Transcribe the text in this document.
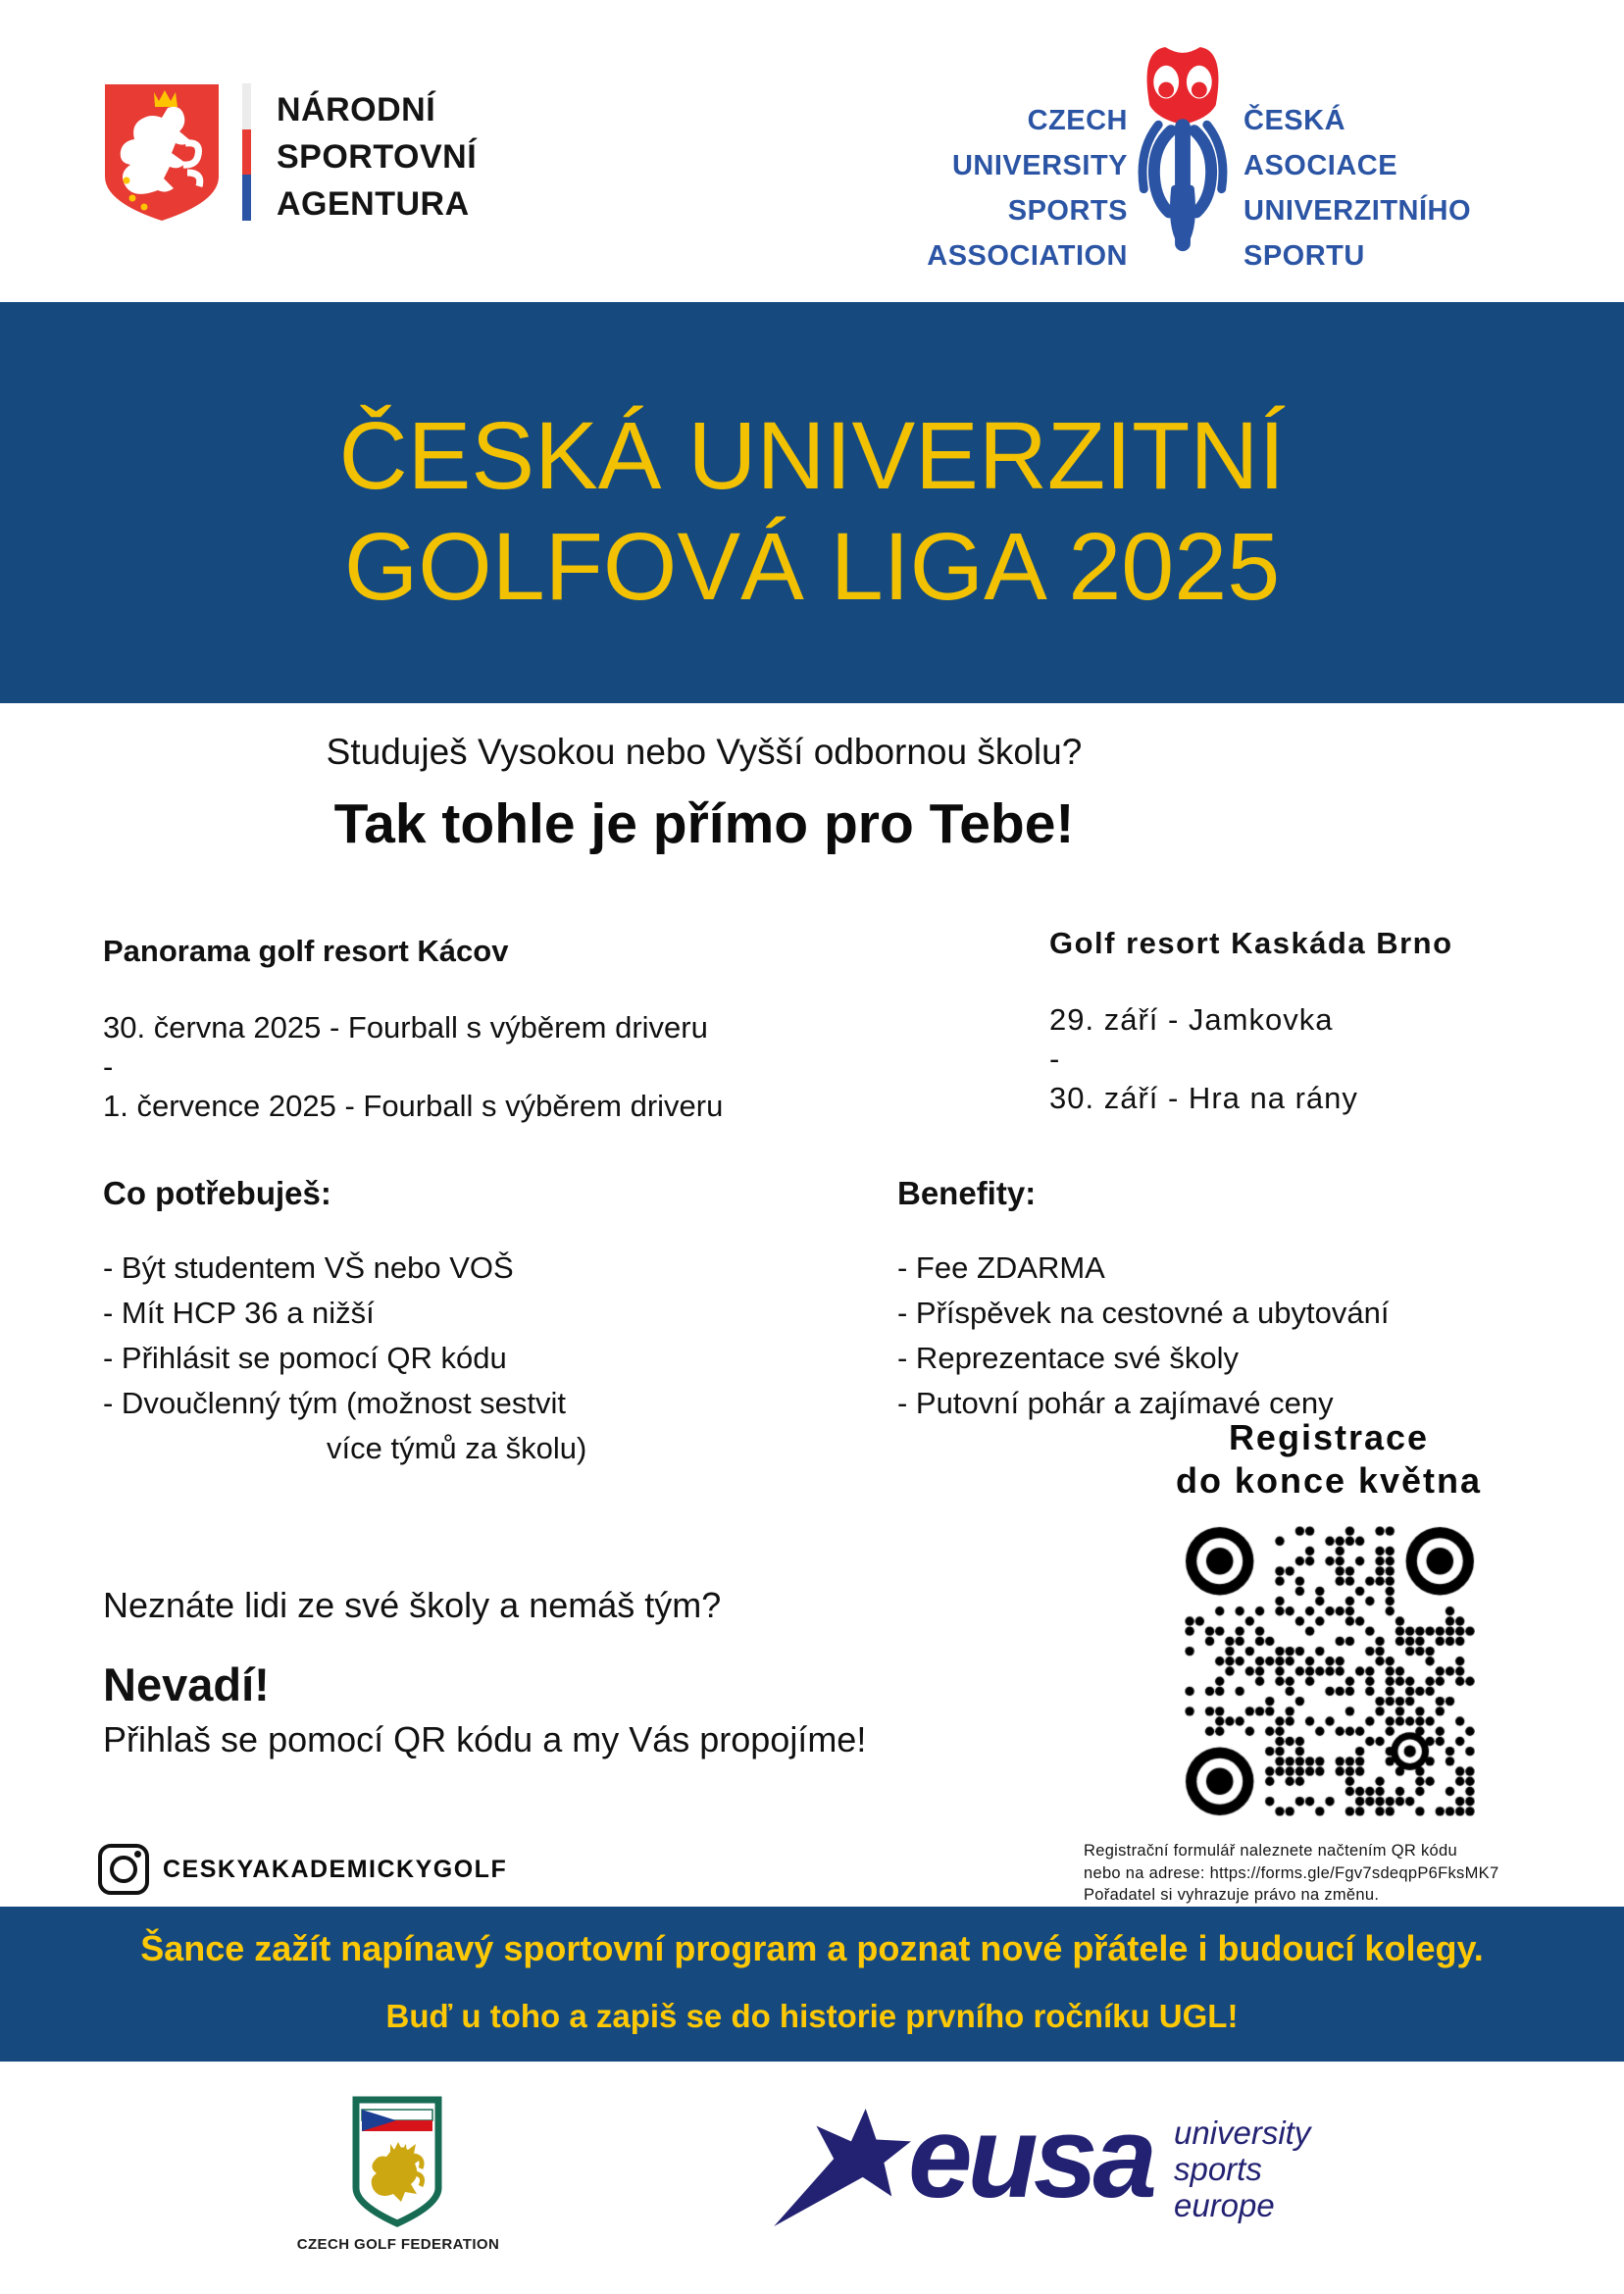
NÁRODNÍ
SPORTOVNÍ
AGENTURA
CZECH
UNIVERSITY
SPORTS
ASSOCIATION
ČESKÁ
ASOCIACE
UNIVERZITNÍHO
SPORTU
ČESKÁ UNIVERZITNÍ
GOLFOVÁ LIGA 2025
Studuješ Vysokou nebo Vyšší odbornou školu?
Tak tohle je přímo pro Tebe!
Panorama golf resort Kácov
30. června 2025 - Fourball s výběrem driveru
-
1. července 2025 - Fourball s výběrem driveru
Golf resort Kaskáda Brno
29. září - Jamkovka
-
30. září - Hra na rány
Co potřebuješ:
- Být studentem VŠ nebo VOŠ
- Mít HCP 36 a nižší
- Přihlásit se pomocí QR kódu
- Dvoučlenný tým (možnost sestvit
více týmů za školu)
Benefity:
- Fee ZDARMA
- Příspěvek na cestovné a ubytování
- Reprezentace své školy
- Putovní pohár a zajímavé ceny
Registrace
do konce května
Neznáte lidi ze své školy a nemáš tým?
Nevadí!
Přihlaš se pomocí QR kódu a my Vás propojíme!
CESKYAKADEMICKYGOLF
Registrační formulář naleznete načtením QR kódu
nebo na adrese: https://forms.gle/Fgv7sdeqpP6FksMK7
Pořadatel si vyhrazuje právo na změnu.
Šance zažít napínavý sportovní program a poznat nové přátele i budoucí kolegy.
Buď u toho a zapiš se do historie prvního ročníku UGL!
CZECH GOLF FEDERATION
eusa university
sports
europe
